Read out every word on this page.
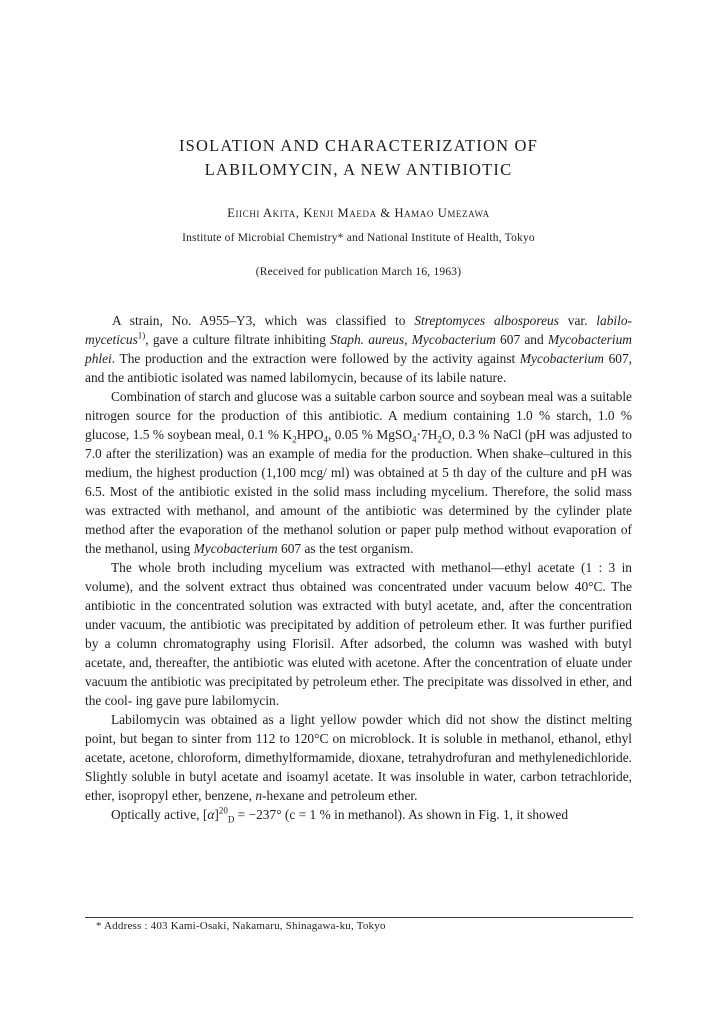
ISOLATION AND CHARACTERIZATION OF
LABILOMYCIN, A NEW ANTIBIOTIC
Eiichi Akita, Kenji Maeda & Hamao Umezawa
Institute of Microbial Chemistry* and National Institute of Health, Tokyo
(Received for publication March 16, 1963)

A strain, No. A955–Y3, which was classified to Streptomyces albosporeus var. labilo- myceticus$^{1)}$, gave a culture filtrate inhibiting Staph. aureus, Mycobacterium 607 and Mycobacterium phlei. The production and the extraction were followed by the activity against Mycobacterium 607, and the antibiotic isolated was named labilomycin, because of its labile nature.

Combination of starch and glucose was a suitable carbon source and soybean meal was a suitable nitrogen source for the production of this antibiotic. A medium containing 1.0 % starch, 1.0 % glucose, 1.5 % soybean meal, 0.1 % $K_2HPO_4$, 0.05 % $MgSO_4\cdot 7H_2O$, 0.3 % NaCl (pH was adjusted to 7.0 after the sterilization) was an example of media for the production. When shake–cultured in this medium, the highest production (1,100 mcg/ ml) was obtained at 5 th day of the culture and pH was 6.5. Most of the antibiotic existed in the solid mass including mycelium. Therefore, the solid mass was extracted with methanol, and amount of the antibiotic was determined by the cylinder plate method after the evaporation of the methanol solution or paper pulp method without evaporation of the methanol, using Mycobacterium 607 as the test organism.

The whole broth including mycelium was extracted with methanol—ethyl acetate (1 : 3 in volume), and the solvent extract thus obtained was concentrated under vacuum below 40°C. The antibiotic in the concentrated solution was extracted with butyl acetate, and, after the concentration under vacuum, the antibiotic was precipitated by addition of petroleum ether. It was further purified by a column chromatography using Florisil. After adsorbed, the column was washed with butyl acetate, and, thereafter, the antibiotic was eluted with acetone. After the concentration of eluate under vacuum the antibiotic was precipitated by petroleum ether. The precipitate was dissolved in ether, and the cool- ing gave pure labilomycin.

Labilomycin was obtained as a light yellow powder which did not show the distinct melting point, but began to sinter from 112 to 120°C on microblock. It is soluble in methanol, ethanol, ethyl acetate, acetone, chloroform, dimethylformamide, dioxane, tetrahydrofuran and methylenedichloride. Slightly soluble in butyl acetate and isoamyl acetate. It was insoluble in water, carbon tetrachloride, ether, isopropyl ether, benzene, n-hexane and petroleum ether.

Optically active, $[\alpha]^{20}_D = -237^\circ$ (c = 1 % in methanol). As shown in Fig. 1, it showed

* Address : 403 Kami-Osaki, Nakamaru, Shinagawa-ku, Tokyo
